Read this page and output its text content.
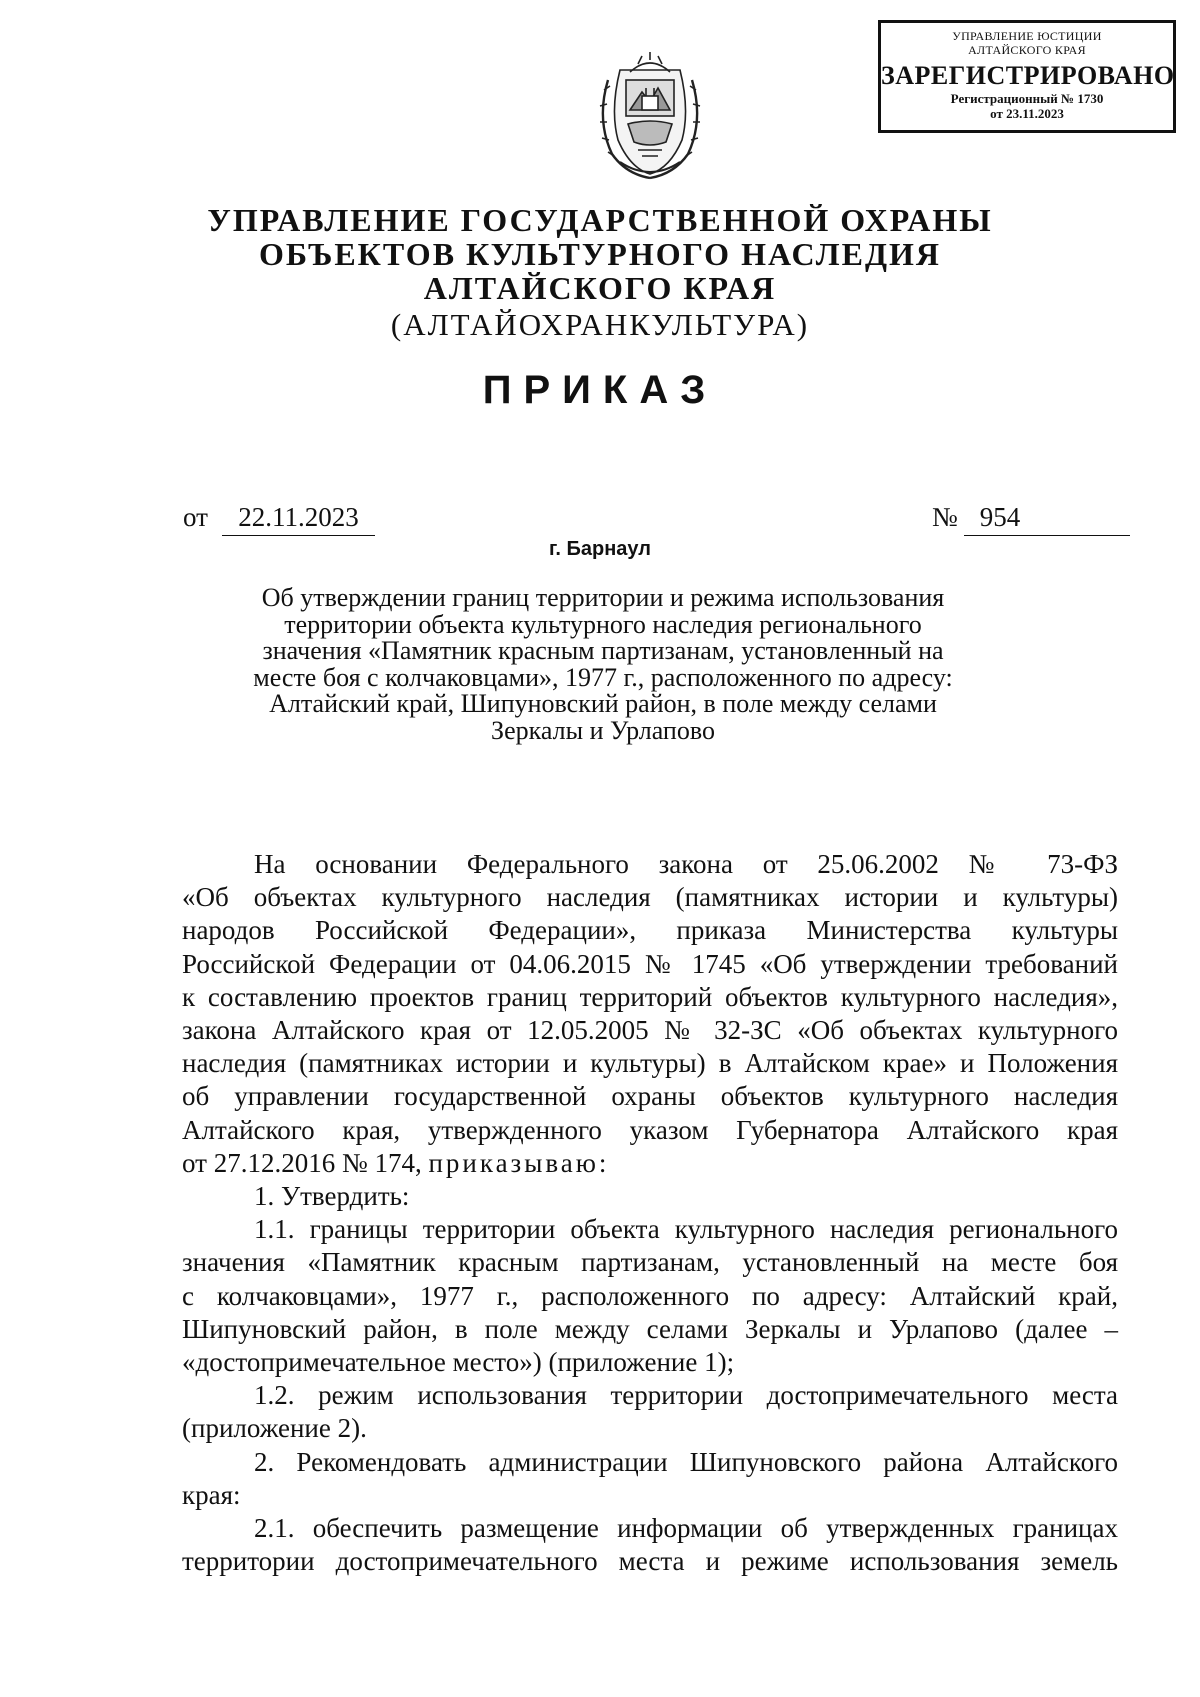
УПРАВЛЕНИЕ ЮСТИЦИИ
АЛТАЙСКОГО КРАЯ
ЗАРЕГИСТРИРОВАНО
Регистрационный № 1730
от 23.11.2023
УПРАВЛЕНИЕ ГОСУДАРСТВЕННОЙ ОХРАНЫ
ОБЪЕКТОВ КУЛЬТУРНОГО НАСЛЕДИЯ
АЛТАЙСКОГО КРАЯ
(АЛТАЙОХРАНКУЛЬТУРА)
ПРИКАЗ
от 22.11.2023	№ 954
г. Барнаул
Об утверждении границ территории и режима использования
территории объекта культурного наследия регионального
значения «Памятник красным партизанам, установленный на
месте боя с колчаковцами», 1977 г., расположенного по адресу:
Алтайский край, Шипуновский район, в поле между селами
Зеркалы и Урлапово

На основании Федерального закона от 25.06.2002 № 73-ФЗ

«Об объектах культурного наследия (памятниках истории и культуры)

народов Российской Федерации», приказа Министерства культуры

Российской Федерации от 04.06.2015 № 1745 «Об утверждении требований

к составлению проектов границ территорий объектов культурного наследия»,

закона Алтайского края от 12.05.2005 № 32-ЗС «Об объектах культурного

наследия (памятниках истории и культуры) в Алтайском крае» и Положения

об управлении государственной охраны объектов культурного наследия

Алтайского края, утвержденного указом Губернатора Алтайского края

от 27.12.2016 № 174, приказываю:

1. Утвердить:

1.1. границы территории объекта культурного наследия регионального

значения «Памятник красным партизанам, установленный на месте боя

с колчаковцами», 1977 г., расположенного по адресу: Алтайский край,

Шипуновский район, в поле между селами Зеркалы и Урлапово (далее –

«достопримечательное место») (приложение 1);

1.2. режим использования территории достопримечательного места

(приложение 2).

2. Рекомендовать администрации Шипуновского района Алтайского

края:

2.1. обеспечить размещение информации об утвержденных границах

территории достопримечательного места и режиме использования земель
